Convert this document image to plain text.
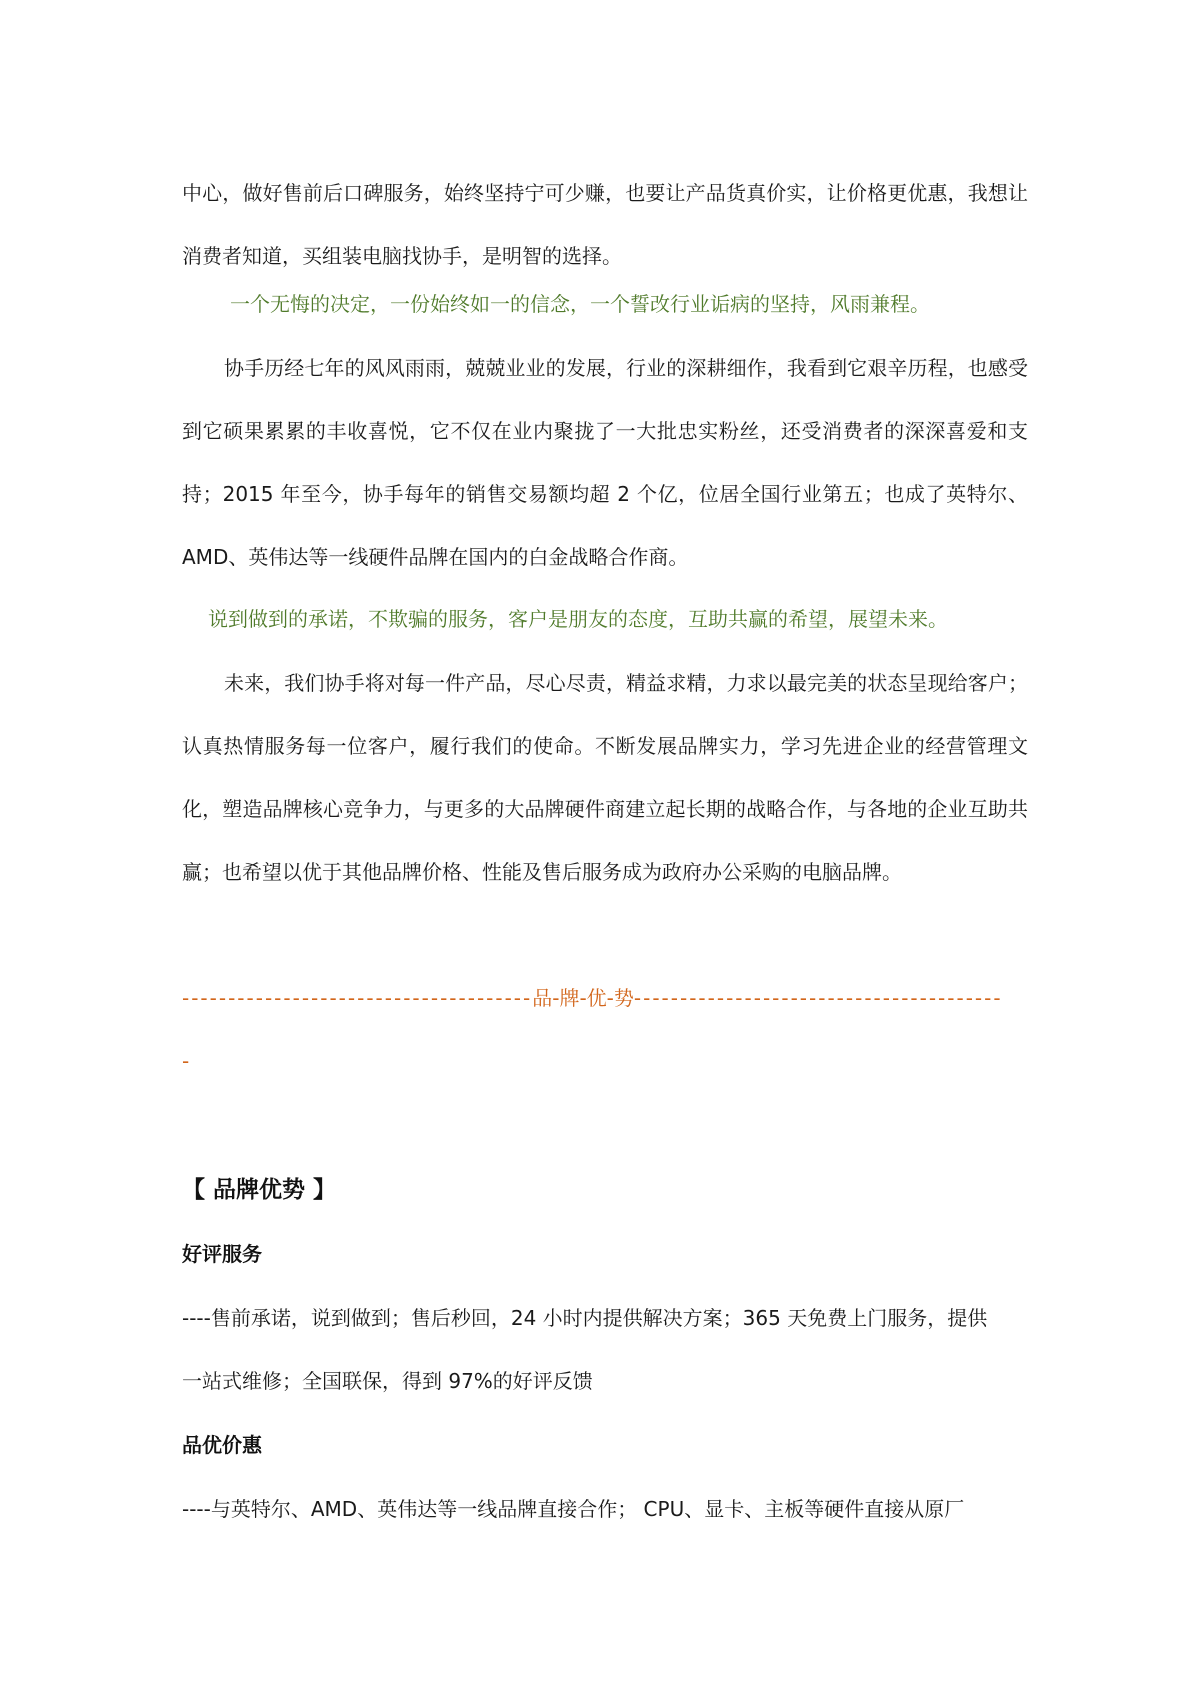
中心，做好售前后口碑服务，始终坚持宁可少赚，也要让产品货真价实，让价格更优惠，我想让消费者知道，买组装电脑找协手，是明智的选择。

一个无悔的决定，一份始终如一的信念，一个誓改行业诟病的坚持，风雨兼程。

协手历经七年的风风雨雨，兢兢业业的发展，行业的深耕细作，我看到它艰辛历程，也感受到它硕果累累的丰收喜悦，它不仅在业内聚拢了一大批忠实粉丝，还受消费者的深深喜爱和支持；2015 年至今，协手每年的销售交易额均超 2 个亿，位居全国行业第五；也成了英特尔、AMD、英伟达等一线硬件品牌在国内的白金战略合作商。

说到做到的承诺，不欺骗的服务，客户是朋友的态度，互助共赢的希望，展望未来。

未来，我们协手将对每一件产品，尽心尽责，精益求精，力求以最完美的状态呈现给客户；认真热情服务每一位客户，履行我们的使命。不断发展品牌实力，学习先进企业的经营管理文化，塑造品牌核心竞争力，与更多的大品牌硬件商建立起长期的战略合作，与各地的企业互助共赢；也希望以优于其他品牌价格、性能及售后服务成为政府办公采购的电脑品牌。

--------------------------------------品-牌-优-势----------------------------------------
-
【 品牌优势 】
好评服务
----售前承诺，说到做到；售后秒回，24 小时内提供解决方案；365 天免费上门服务，提供
一站式维修；全国联保，得到 97%的好评反馈
品优价惠
----与英特尔、AMD、英伟达等一线品牌直接合作； CPU、显卡、主板等硬件直接从原厂
